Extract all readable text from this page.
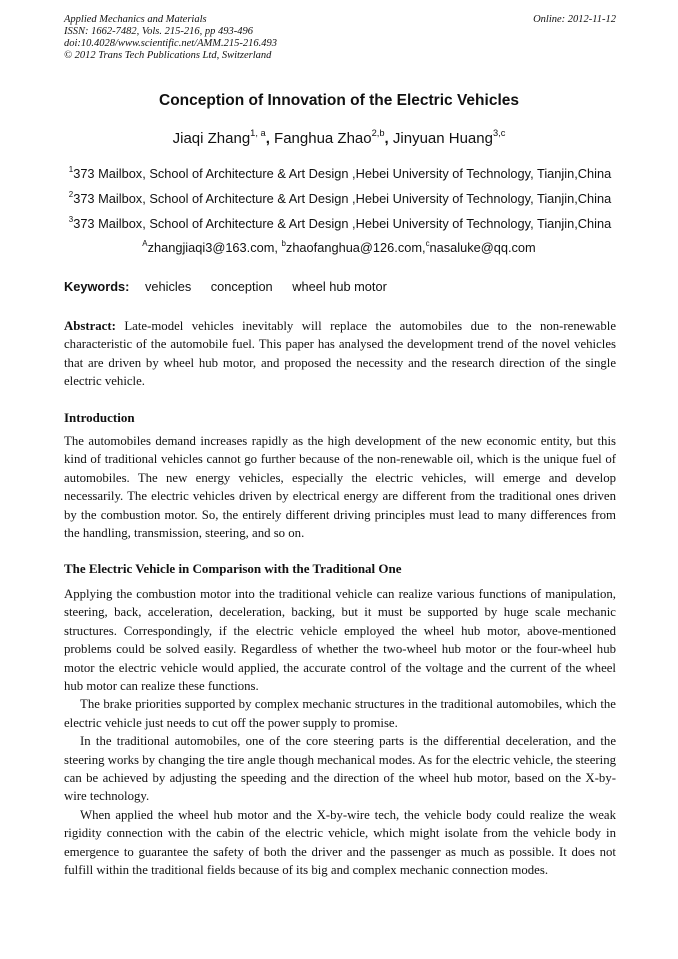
Applied Mechanics and Materials
ISSN: 1662-7482, Vols. 215-216, pp 493-496
doi:10.4028/www.scientific.net/AMM.215-216.493
© 2012 Trans Tech Publications Ltd, Switzerland
Online: 2012-11-12
Conception of Innovation of the Electric Vehicles
Jiaqi Zhang$^{1, a}$, Fanghua Zhao$^{2,b}$, Jinyuan Huang$^{3,c}$
$^1$373 Mailbox, School of Architecture & Art Design ,Hebei University of Technology, Tianjin,China
$^2$373 Mailbox, School of Architecture & Art Design ,Hebei University of Technology, Tianjin,China
$^3$373 Mailbox, School of Architecture & Art Design ,Hebei University of Technology, Tianjin,China
$^A$zhangjiaqi3@163.com, $^b$zhaofanghua@126.com,$^c$nasaluke@qq.com
Keywords: vehicles conception wheel hub motor

Abstract: Late-model vehicles inevitably will replace the automobiles due to the non-renewable characteristic of the automobile fuel. This paper has analysed the development trend of the novel vehicles that are driven by wheel hub motor, and proposed the necessity and the research direction of the single electric vehicle.

Introduction

The automobiles demand increases rapidly as the high development of the new economic entity, but this kind of traditional vehicles cannot go further because of the non-renewable oil, which is the unique fuel of automobiles. The new energy vehicles, especially the electric vehicles, will emerge and develop necessarily. The electric vehicles driven by electrical energy are different from the traditional ones driven by the combustion motor. So, the entirely different driving principles must lead to many differences from the handling, transmission, steering, and so on.

The Electric Vehicle in Comparison with the Traditional One

Applying the combustion motor into the traditional vehicle can realize various functions of manipulation, steering, back, acceleration, deceleration, backing, but it must be supported by huge scale mechanic structures. Correspondingly, if the electric vehicle employed the wheel hub motor, above-mentioned problems could be solved easily. Regardless of whether the two-wheel hub motor or the four-wheel hub motor the electric vehicle would applied, the accurate control of the voltage and the current of the wheel hub motor can realize these functions.

The brake priorities supported by complex mechanic structures in the traditional automobiles, which the electric vehicle just needs to cut off the power supply to promise.

In the traditional automobiles, one of the core steering parts is the differential deceleration, and the steering works by changing the tire angle though mechanical modes. As for the electric vehicle, the steering can be achieved by adjusting the speeding and the direction of the wheel hub motor, based on the X-by-wire technology.

When applied the wheel hub motor and the X-by-wire tech, the vehicle body could realize the weak rigidity connection with the cabin of the electric vehicle, which might isolate from the vehicle body in emergence to guarantee the safety of both the driver and the passenger as much as possible. It does not fulfill within the traditional fields because of its big and complex mechanic connection modes.
